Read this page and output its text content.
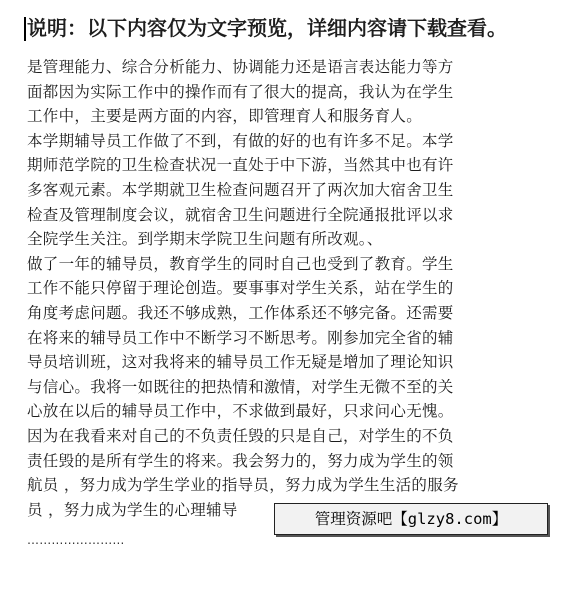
说明：以下内容仅为文字预览，详细内容请下载查看。
是管理能力、综合分析能力、协调能力还是语言表达能力等方
面都因为实际工作中的操作而有了很大的提高，我认为在学生
工作中，主要是两方面的内容，即管理育人和服务育人。
本学期辅导员工作做了不到，有做的好的也有许多不足。本学
期师范学院的卫生检查状况一直处于中下游，当然其中也有许
多客观元素。本学期就卫生检查问题召开了两次加大宿舍卫生
检查及管理制度会议，就宿舍卫生问题进行全院通报批评以求
全院学生关注。到学期末学院卫生问题有所改观。、
做了一年的辅导员，教育学生的同时自己也受到了教育。学生
工作不能只停留于理论创造。要事事对学生关系，站在学生的
角度考虑问题。我还不够成熟，工作体系还不够完备。还需要
在将来的辅导员工作中不断学习不断思考。刚参加完全省的辅
导员培训班，这对我将来的辅导员工作无疑是增加了理论知识
与信心。我将一如既往的把热情和激情，对学生无微不至的关
心放在以后的辅导员工作中，不求做到最好，只求问心无愧。
因为在我看来对自己的不负责任毁的只是自己，对学生的不负
责任毁的是所有学生的将来。我会努力的，努力成为学生的领
航员 ，努力成为学生学业的指导员，努力成为学生生活的服务
员 ，努力成为学生的心理辅导
……………………
管理资源吧【glzy8.com】
